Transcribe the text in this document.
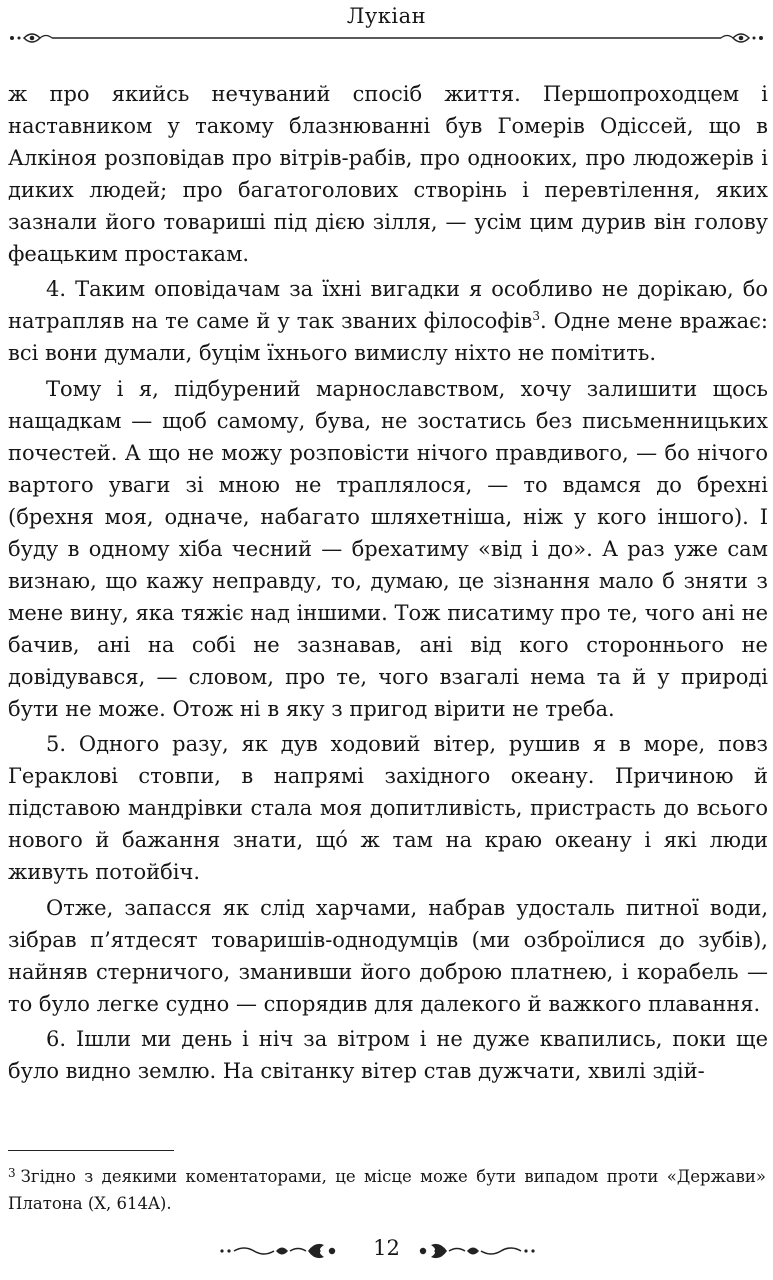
Лукіан

ж про якийсь нечуваний спосіб життя. Першопроходцем і наставником у такому блазнюванні був Гомерів Одіссей, що в Алкіноя розповідав про вітрів-рабів, про однооких, про людожерів і диких людей; про багатоголових створінь і перевтілення, яких зазнали його товариші під дією зілля, — усім цим дурив він голову феацьким простакам.

4. Таким оповідачам за їхні вигадки я особливо не дорікаю, бо натрапляв на те саме й у так званих філософів$^3$. Одне мене вражає: всі вони думали, буцім їхнього вимислу ніхто не помітить.

Тому і я, підбурений марнославством, хочу залишити щось нащадкам — щоб самому, бува, не зостатись без письменницьких почестей. А що не можу розповісти нічого правдивого, — бо нічого вартого уваги зі мною не траплялося, — то вдамся до брехні (брехня моя, одначе, набагато шляхетніша, ніж у кого іншого). І буду в одному хіба чесний — брехатиму «від і до». А раз уже сам визнаю, що кажу неправду, то, думаю, це зізнання мало б зняти з мене вину, яка тяжіє над іншими. Тож писатиму про те, чого ані не бачив, ані на собі не зазнавав, ані від кого стороннього не довідувався, — словом, про те, чого взагалі нема та й у природі бути не може. Отож ні в яку з пригод вірити не треба.

5. Одного разу, як дув ходовий вітер, рушив я в море, повз Гераклові стовпи, в напрямі західного океану. Причиною й підставою мандрівки стала моя допитливість, пристрасть до всього нового й бажання знати, щó ж там на краю океану і які люди живуть потойбіч.

Отже, запасся як слід харчами, набрав удосталь питної води, зібрав п’ятдесят товаришів-однодумців (ми озброїлися до зубів), найняв стерничого, зманивши його доброю платнею, і корабель — то було легке судно — спорядив для далекого й важкого плавання.

6. Ішли ми день і ніч за вітром і не дуже квапились, поки ще було видно землю. На світанку вітер став дужчати, хвилі здій-

$^3$ Згідно з деякими коментаторами, це місце може бути випадом проти «Держави» Платона (X, 614A).
12
